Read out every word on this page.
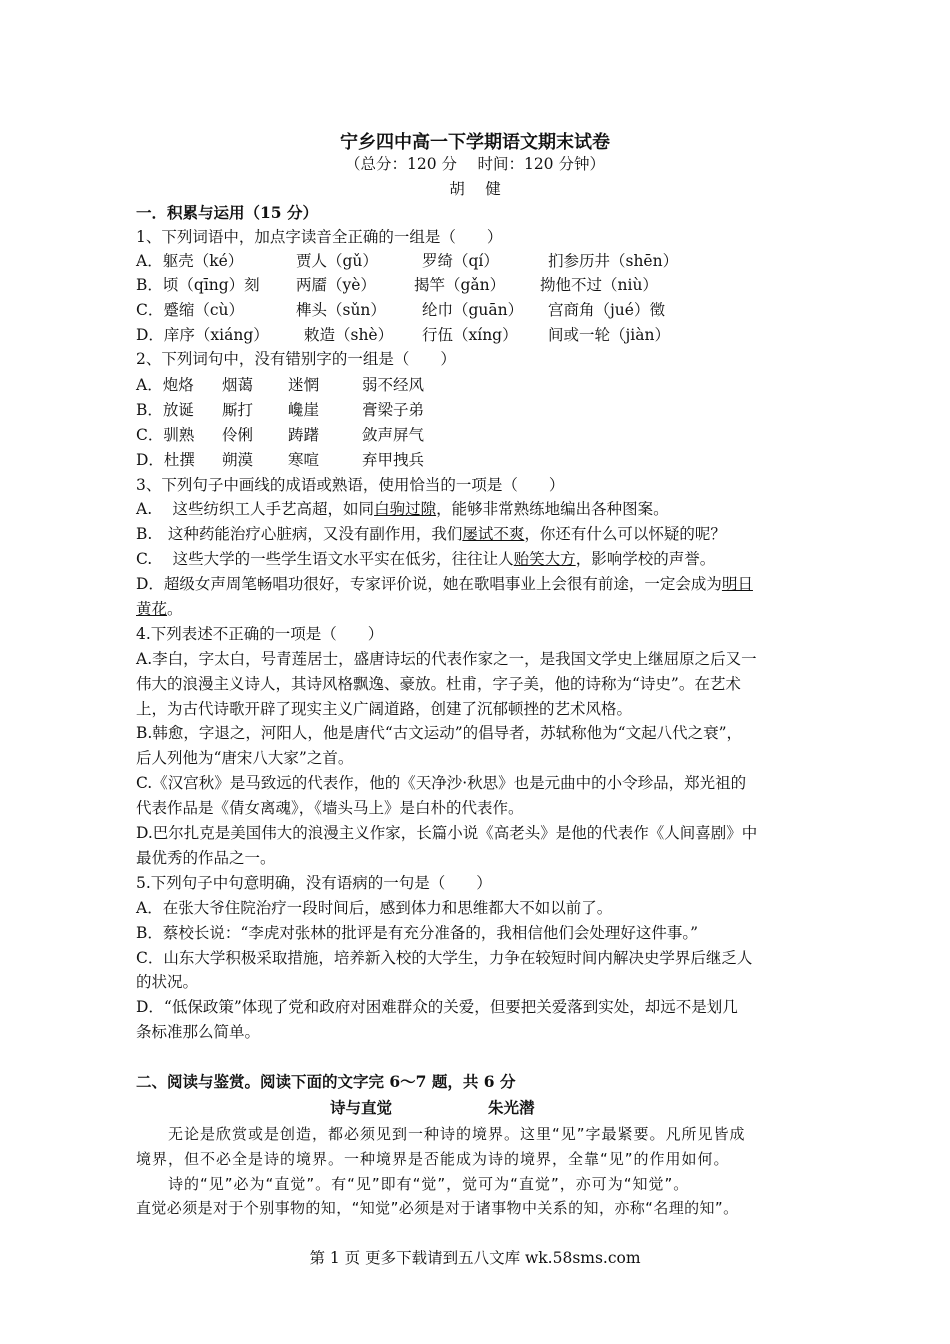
宁乡四中高一下学期语文期末试卷
（总分：120 分　 时间：120 分钟）
胡　 健
一．积累与运用（15 分）
1、下列词语中，加点字读音全正确的一组是（　　）
A．躯壳（ké）	贾人（gǔ）	罗绮（qí）	扪参历井（shēn）
B．顷（qīng）刻 两靥（yè） 揭竿（gǎn） 拗他不过（niù）
C．蹙缩（cù）	榫头（sǔn） 纶巾（guān） 宫商角（jué）徵
D．庠序（xiáng） 敕造（shè） 行伍（xíng） 间或一轮（jiàn）
2、下列词句中，没有错别字的一组是（　　）
A．炮烙 烟蔼 迷惘	弱不经风
B．放诞 厮打 巉崖	膏梁子弟
C．驯熟 伶俐 踌躇	敛声屏气
D．杜撰 朔漠 寒喧	弃甲拽兵
3、下列句子中画线的成语或熟语，使用恰当的一项是（　　）
A.　 这些纺织工人手艺高超，如同白驹过隙，能够非常熟练地编出各种图案。
B.　这种药能治疗心脏病，又没有副作用，我们屡试不爽，你还有什么可以怀疑的呢？
C.　 这些大学的一些学生语文水平实在低劣，往往让人贻笑大方，影响学校的声誉。
D．超级女声周笔畅唱功很好，专家评价说，她在歌唱事业上会很有前途，一定会成为明日
黄花。
4.下列表述不正确的一项是（　　）
A.李白，字太白，号青莲居士，盛唐诗坛的代表作家之一，是我国文学史上继屈原之后又一
伟大的浪漫主义诗人，其诗风格飘逸、豪放。杜甫，字子美，他的诗称为“诗史”。在艺术
上，为古代诗歌开辟了现实主义广阔道路，创建了沉郁顿挫的艺术风格。
B.韩愈，字退之，河阳人，他是唐代“古文运动”的倡导者，苏轼称他为“文起八代之衰”，
后人列他为“唐宋八大家”之首。
C.《汉宫秋》是马致远的代表作，他的《天净沙·秋思》也是元曲中的小令珍品，郑光祖的
代表作品是《倩女离魂》，《墙头马上》是白朴的代表作。
D.巴尔扎克是美国伟大的浪漫主义作家，长篇小说《高老头》是他的代表作《人间喜剧》中
最优秀的作品之一。
5.下列句子中句意明确，没有语病的一句是（　　）
A．在张大爷住院治疗一段时间后，感到体力和思维都大不如以前了。
B．蔡校长说：“李虎对张林的批评是有充分准备的，我相信他们会处理好这件事。”
C．山东大学积极采取措施，培养新入校的大学生，力争在较短时间内解决史学界后继乏人
的状况。
D．“低保政策”体现了党和政府对困难群众的关爱，但要把关爱落到实处，却远不是划几
条标准那么简单。
二、阅读与鉴赏。阅读下面的文字完 6～7 题，共 6 分
诗与直觉	朱光潜
　　无论是欣赏或是创造，都必须见到一种诗的境界。这里“见”字最紧要。凡所见皆成
境界，但不必全是诗的境界。一种境界是否能成为诗的境界，全靠“见”的作用如何。
　　诗的“见”必为“直觉”。有“见”即有“觉”，觉可为“直觉”，亦可为“知觉”。
直觉必须是对于个别事物的知，“知觉”必须是对于诸事物中关系的知，亦称“名理的知”。
第 1 页 更多下载请到五八文库 wk.58sms.com
